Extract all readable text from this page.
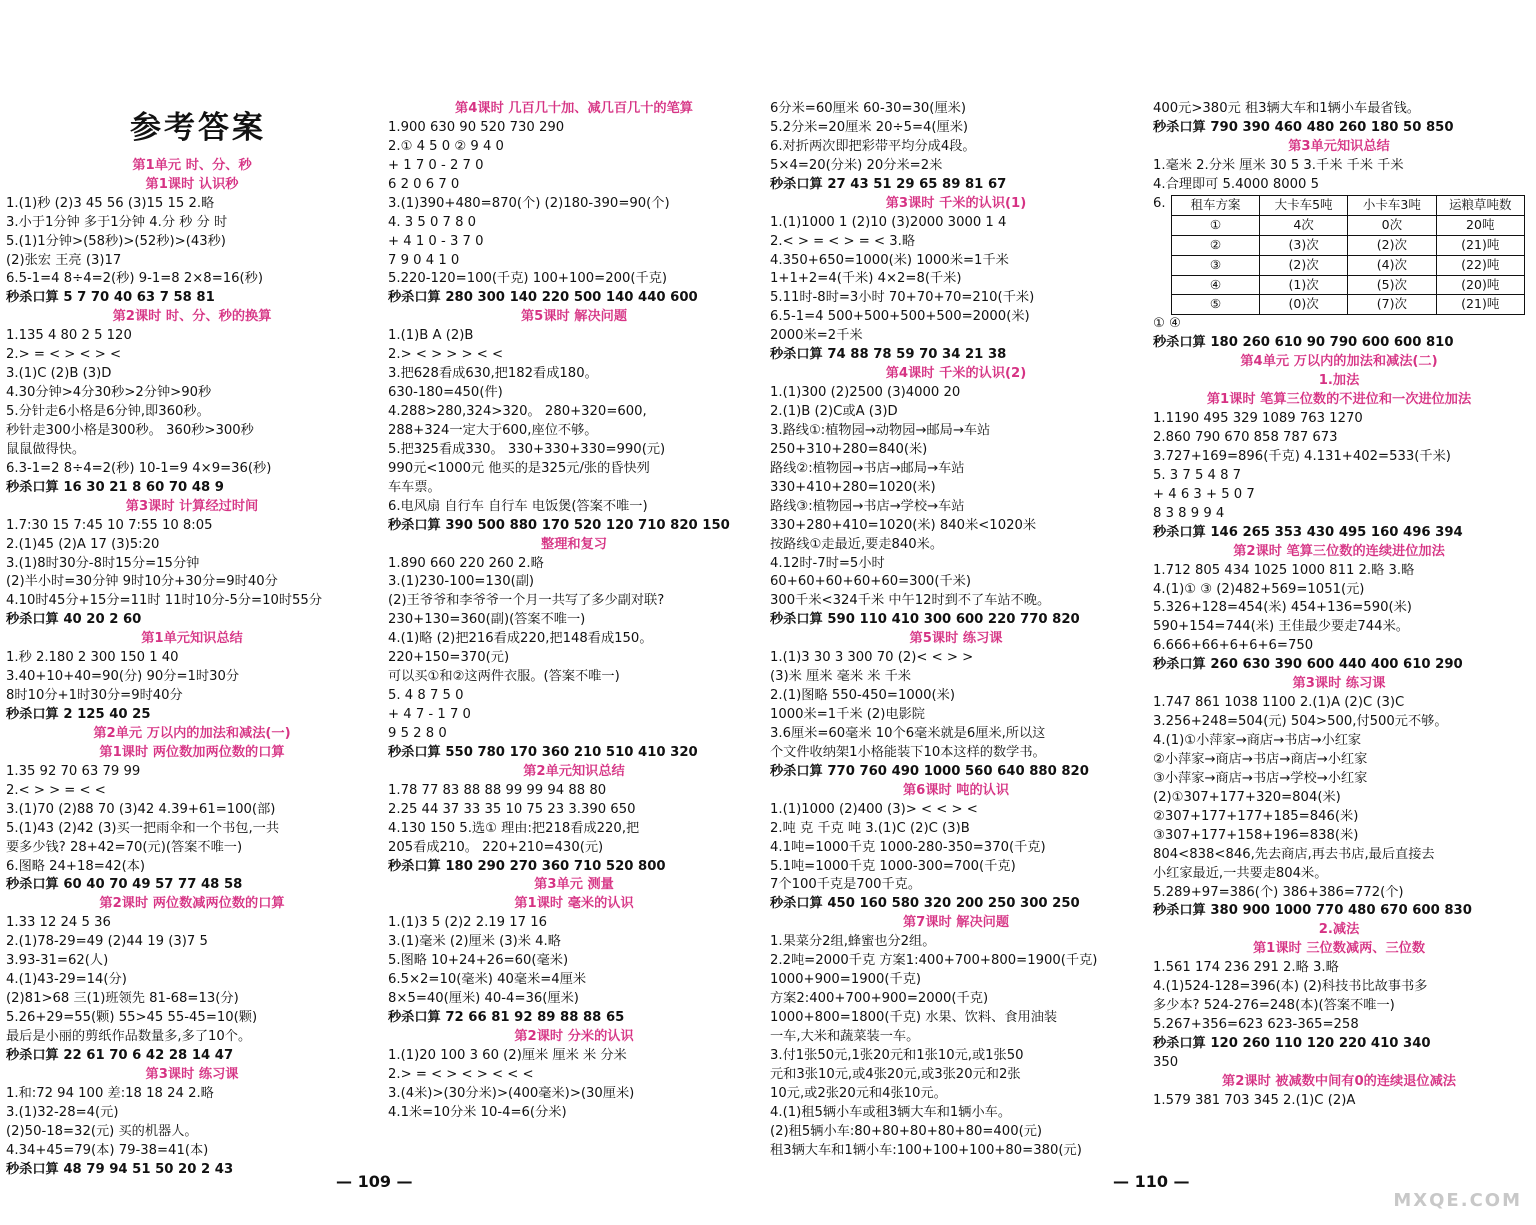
参考答案
第1单元 时、分、秒
第1课时 认识秒
1.(1)秒 (2)3 45 56 (3)15 15 2.略
3.小于1分钟 多于1分钟 4.分 秒 分 时
5.(1)1分钟>(58秒)>(52秒)>(43秒)
(2)张宏 王亮 (3)17
6.5-1=4 8÷4=2(秒) 9-1=8 2×8=16(秒)
秒杀口算 5 7 70 40 63 7 58 81
第2课时 时、分、秒的换算
1.135 4 80 2 5 120
2.> = < > < > <
3.(1)C (2)B (3)D
4.30分钟>4分30秒>2分钟>90秒
5.分针走6小格是6分钟,即360秒。
秒针走300小格是300秒。 360秒>300秒
鼠鼠做得快。
6.3-1=2 8÷4=2(秒) 10-1=9 4×9=36(秒)
秒杀口算 16 30 21 8 60 70 48 9
第3课时 计算经过时间
1.7:30 15 7:45 10 7:55 10 8:05
2.(1)45 (2)A 17 (3)5:20
3.(1)8时30分-8时15分=15分钟
(2)半小时=30分钟 9时10分+30分=9时40分
4.10时45分+15分=11时 11时10分-5分=10时55分
秒杀口算 40 20 2 60
第1单元知识总结
1.秒 2.180 2 300 150 1 40
3.40+10+40=90(分) 90分=1时30分
8时10分+1时30分=9时40分
秒杀口算 2 125 40 25
第2单元 万以内的加法和减法(一)
第1课时 两位数加两位数的口算
1.35 92 70 63 79 99
2.< > > = < <
3.(1)70 (2)88 70 (3)42 4.39+61=100(部)
5.(1)43 (2)42 (3)买一把雨伞和一个书包,一共
要多少钱? 28+42=70(元)(答案不唯一)
6.图略 24+18=42(本)
秒杀口算 60 40 70 49 57 77 48 58
第2课时 两位数减两位数的口算
1.33 12 24 5 36
2.(1)78-29=49 (2)44 19 (3)7 5
3.93-31=62(人)
4.(1)43-29=14(分)
(2)81>68 三(1)班领先 81-68=13(分)
5.26+29=55(颗) 55>45 55-45=10(颗)
最后是小丽的剪纸作品数量多,多了10个。
秒杀口算 22 61 70 6 42 28 14 47
第3课时 练习课
1.和:72 94 100 差:18 18 24 2.略
3.(1)32-28=4(元)
(2)50-18=32(元) 买的机器人。
4.34+45=79(本) 79-38=41(本)
秒杀口算 48 79 94 51 50 20 2 43
第4课时 几百几十加、减几百几十的笔算
1.900 630 90 520 730 290
2.① 4 5 0 ② 9 4 0
+ 1 7 0 - 2 7 0
6 2 0 6 7 0
3.(1)390+480=870(个) (2)180-390=90(个)
4. 3 5 0 7 8 0
+ 4 1 0 - 3 7 0
7 9 0 4 1 0
5.220-120=100(千克) 100+100=200(千克)
秒杀口算 280 300 140 220 500 140 440 600
第5课时 解决问题
1.(1)B A (2)B
2.> < > > > < <
3.把628看成630,把182看成180。
630-180=450(件)
4.288>280,324>320。 280+320=600,
288+324一定大于600,座位不够。
5.把325看成330。 330+330+330=990(元)
990元<1000元 他买的是325元/张的昏快列
车车票。
6.电风扇 自行车 自行车 电饭煲(答案不唯一)
秒杀口算 390 500 880 170 520 120 710 820 150
整理和复习
1.890 660 220 260 2.略
3.(1)230-100=130(副)
(2)王爷爷和李爷爷一个月一共写了多少副对联?
230+130=360(副)(答案不唯一)
4.(1)略 (2)把216看成220,把148看成150。
220+150=370(元)
可以买①和②这两件衣服。(答案不唯一)
5. 4 8 7 5 0
+ 4 7 - 1 7 0
9 5 2 8 0
秒杀口算 550 780 170 360 210 510 410 320
第2单元知识总结
1.78 77 83 88 88 99 99 94 88 80
2.25 44 37 33 35 10 75 23 3.390 650
4.130 150 5.选① 理由:把218看成220,把
205看成210。 220+210=430(元)
秒杀口算 180 290 270 360 710 520 800
第3单元 测量
第1课时 毫米的认识
1.(1)3 5 (2)2 2.19 17 16
3.(1)毫米 (2)厘米 (3)米 4.略
5.图略 10+24+26=60(毫米)
6.5×2=10(毫米) 40毫米=4厘米
8×5=40(厘米) 40-4=36(厘米)
秒杀口算 72 66 81 92 89 88 88 65
第2课时 分米的认识
1.(1)20 100 3 60 (2)厘米 厘米 米 分米
2.> = < > < > < < <
3.(4米)>(30分米)>(400毫米)>(30厘米)
4.1米=10分米 10-4=6(分米)
6分米=60厘米 60-30=30(厘米)
5.2分米=20厘米 20÷5=4(厘米)
6.对折两次即把彩带平均分成4段。
5×4=20(分米) 20分米=2米
秒杀口算 27 43 51 29 65 89 81 67
第3课时 千米的认识(1)
1.(1)1000 1 (2)10 (3)2000 3000 1 4
2.< > = < > = < 3.略
4.350+650=1000(米) 1000米=1千米
1+1+2=4(千米) 4×2=8(千米)
5.11时-8时=3小时 70+70+70=210(千米)
6.5-1=4 500+500+500+500=2000(米)
2000米=2千米
秒杀口算 74 88 78 59 70 34 21 38
第4课时 千米的认识(2)
1.(1)300 (2)2500 (3)4000 20
2.(1)B (2)C或A (3)D
3.路线①:植物园→动物园→邮局→车站
250+310+280=840(米)
路线②:植物园→书店→邮局→车站
330+410+280=1020(米)
路线③:植物园→书店→学校→车站
330+280+410=1020(米) 840米<1020米
按路线①走最近,要走840米。
4.12时-7时=5小时
60+60+60+60+60=300(千米)
300千米<324千米 中午12时到不了车站不晚。
秒杀口算 590 110 410 300 600 220 770 820
第5课时 练习课
1.(1)3 30 3 300 70 (2)< < > >
(3)米 厘米 毫米 米 千米
2.(1)图略 550-450=1000(米)
1000米=1千米 (2)电影院
3.6厘米=60毫米 10个6毫米就是6厘米,所以这
个文件收纳架1小格能装下10本这样的数学书。
秒杀口算 770 760 490 1000 560 640 880 820
第6课时 吨的认识
1.(1)1000 (2)400 (3)> < < > <
2.吨 克 千克 吨 3.(1)C (2)C (3)B
4.1吨=1000千克 1000-280-350=370(千克)
5.1吨=1000千克 1000-300=700(千克)
7个100千克是700千克。
秒杀口算 450 160 580 320 200 250 300 250
第7课时 解决问题
1.果菜分2组,蜂蜜也分2组。
2.2吨=2000千克 方案1:400+700+800=1900(千克)
1000+900=1900(千克)
方案2:400+700+900=2000(千克)
1000+800=1800(千克) 水果、饮料、食用油装
一车,大米和蔬菜装一车。
3.付1张50元,1张20元和1张10元,或1张50
元和3张10元,或4张20元,或3张20元和2张
10元,或2张20元和4张10元。
4.(1)租5辆小车或租3辆大车和1辆小车。
(2)租5辆小车:80+80+80+80+80=400(元)
租3辆大车和1辆小车:100+100+100+80=380(元)
400元>380元 租3辆大车和1辆小车最省钱。
秒杀口算 790 390 460 480 260 180 50 850
第3单元知识总结
1.毫米 2.分米 厘米 30 5 3.千米 千米 千米
4.合理即可 5.4000 8000 5
6. 租车方案	大卡车5吨	小卡车3吨	运粮草吨数
①	4次	0次	20吨
②	(3)次	(2)次	(21)吨
③	(2)次	(4)次	(22)吨
④	(1)次	(5)次	(20)吨
⑤	(0)次	(7)次	(21)吨
① ④
秒杀口算 180 260 610 90 790 600 600 810
第4单元 万以内的加法和减法(二)
1.加法
第1课时 笔算三位数的不进位和一次进位加法
1.1190 495 329 1089 763 1270
2.860 790 670 858 787 673
3.727+169=896(千克) 4.131+402=533(千米)
5. 3 7 5 4 8 7
+ 4 6 3 + 5 0 7
8 3 8 9 9 4
秒杀口算 146 265 353 430 495 160 496 394
第2课时 笔算三位数的连续进位加法
1.712 805 434 1025 1000 811 2.略 3.略
4.(1)① ③ (2)482+569=1051(元)
5.326+128=454(米) 454+136=590(米)
590+154=744(米) 王佳最少要走744米。
6.666+66+6+6+6=750
秒杀口算 260 630 390 600 440 400 610 290
第3课时 练习课
1.747 861 1038 1100 2.(1)A (2)C (3)C
3.256+248=504(元) 504>500,付500元不够。
4.(1)①小萍家→商店→书店→小红家
②小萍家→商店→书店→商店→小红家
③小萍家→商店→书店→学校→小红家
(2)①307+177+320=804(米)
②307+177+177+185=846(米)
③307+177+158+196=838(米)
804<838<846,先去商店,再去书店,最后直接去
小红家最近,一共要走804米。
5.289+97=386(个) 386+386=772(个)
秒杀口算 380 900 1000 770 480 670 600 830
2.减法
第1课时 三位数减两、三位数
1.561 174 236 291 2.略 3.略
4.(1)524-128=396(本) (2)科技书比故事书多
多少本? 524-276=248(本)(答案不唯一)
5.267+356=623 623-365=258
秒杀口算 120 260 110 120 220 410 340
350
第2课时 被减数中间有0的连续退位减法
1.579 381 703 345 2.(1)C (2)A
— 109 —	— 110 —
MXQE.COM
